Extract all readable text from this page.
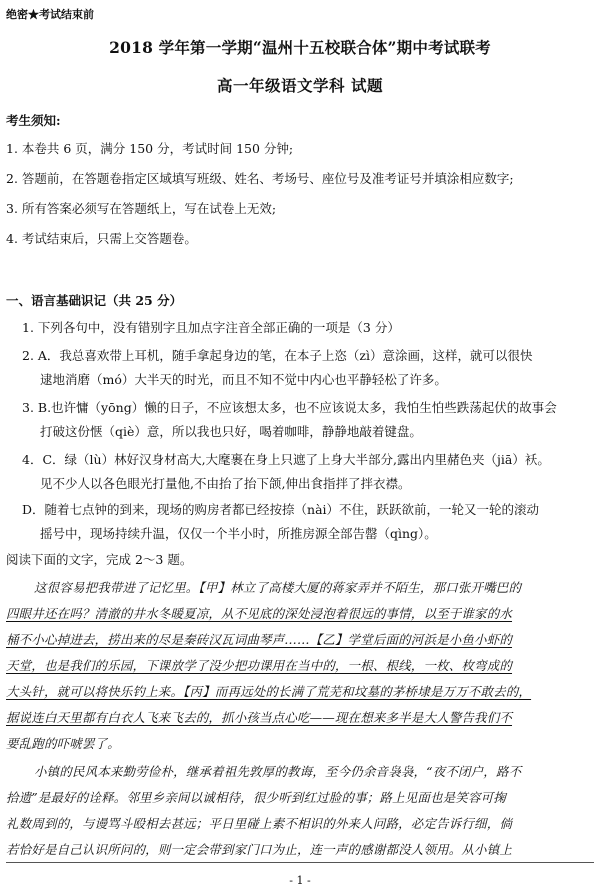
绝密★考试结束前
2018 学年第一学期“温州十五校联合体”期中考试联考
高一年级语文学科 试题
考生须知:
1. 本卷共 6 页，满分 150 分，考试时间 150 分钟;
2. 答题前，在答题卷指定区域填写班级、姓名、考场号、座位号及准考证号并填涂相应数字;
3. 所有答案必须写在答题纸上，写在试卷上无效;
4. 考试结束后，只需上交答题卷。
一、语言基础识记（共 25 分）
1. 下列各句中，没有错别字且加点字注音全部正确的一项是（3 分）
2. A．我总喜欢带上耳机，随手拿起身边的笔，在本子上恣（zì）意涂画，这样，就可以很快
逮地消磨（mó）大半天的时光，而且不知不觉中内心也平静轻松了许多。
3. B.也许慵（yōng）懒的日子，不应该想太多，也不应该说太多，我怕生怕些跌荡起伏的故事会
打破这份惬（qiè）意，所以我也只好，喝着咖啡，静静地敲着键盘。
4．C．绿（lù）林好汉身材高大,大麾裹在身上只遮了上身大半部分,露出内里赭色夹（jiā）袄。
见不少人以各色眼光打量他,不由抬了抬下颌,伸出食指拌了拌衣襟。
D．随着七点钟的到来，现场的购房者都已经按捺（nài）不住，跃跃欲前，一轮又一轮的滚动
摇号中，现场持续升温，仅仅一个半小时，所推房源全部告罄（qìng）。
阅读下面的文字，完成 2～3 题。
这很容易把我带进了记忆里。【甲】林立了高楼大厦的蒋家弄并不陌生，那口张开嘴巴的
四眼井还在吗？清澈的井水冬暖夏凉，从不见底的深处浸泡着很远的事情，以至于谁家的水
桶不小心掉进去，捞出来的尽是秦砖汉瓦词曲琴声……【乙】学堂后面的河浜是小鱼小虾的
天堂，也是我们的乐园，下课放学了没少把功课用在当中的，一根、根线，一枚、枚弯成的
大头针，就可以将快乐钓上来。【丙】而再远处的长满了荒芜和坟墓的茅桥埭是万万不敢去的，
据说连白天里都有白衣人飞来飞去的，抓小孩当点心吃——现在想来多半是大人警告我们不
要乱跑的吓唬罢了。
小镇的民风本来勤劳俭朴，继承着祖先敦厚的教诲，至今仍余音袅袅，“夜不闭户，路不
拾遗”是最好的诠释。邻里乡亲间以诚相待，很少听到红过脸的事；路上见面也是笑容可掬
礼数周到的，与谩骂斗殴相去甚远；平日里碰上素不相识的外来人问路，必定告诉行细，倘
若恰好是自己认识所问的，则一定会带到家门口为止，连一声的感谢都没人领用。从小镇上
- 1 -
